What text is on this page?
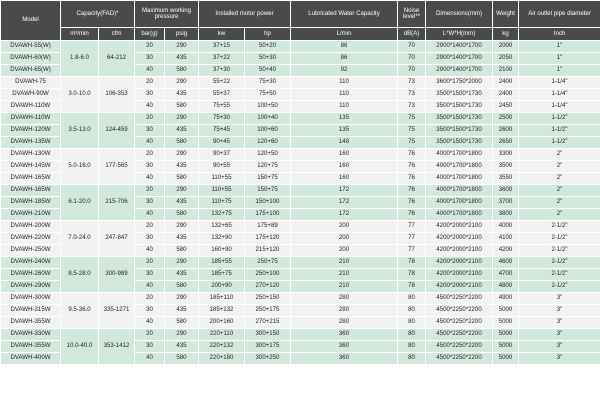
Model	Capacity(FAD)*		Maximum working pressure		Installed motor power		Lubricated Water Capacity	Noise level**	Dimensions(mm)	Weight	Air outlet pipe diameter	
	m³/min	cfm	bar(g)	psig	kw	hp	L/min	dB(A)	L*W*H(mm)	kg	Inch	
DVAWH-55(W)	1.8-6.0	64-212	20	290	37+15	50+20	86	70	2900*1400*1700	2000	1"	
DVAWH-60(W)			30	435	37+22	50+30	86	70	2900*1400*1700	2050	1"	
DVAWH-65(W)			40	580	37+30	50+40	92	70	2900*1400*1700	2100	1"	
DVAWH-75	3.0-10.0	106-353	20	290	55+22	75+30	110	73	3600*1750*2000	2400	1-1/4"	
DVAWH-90W			30	435	55+37	75+50	110	73	3500*1500*1730	2400	1-1/4"	
DVAWH-110W			40	580	75+55	100+50	110	73	3500*1500*1730	2450	1-1/4"	
DVAWH-110W	3.5-13.0	124-459	20	290	75+30	100+40	135	75	3500*1500*1730	2500	1-1/2"	
DVAWH-120W			30	435	75+45	100+60	135	75	3500*1500*1730	2600	1-1/2"	
DVAWH-135W			40	580	90+45	120+60	148	75	3500*1500*1730	2650	1-1/2"	
DVAWH-130W	5.0-16.0	177-565	20	290	90+37	120+50	160	76	4000*1700*1800	3300	2"	
DVAWH-145W			30	435	90+55	120+75	160	76	4000*1700*1800	3500	2"	
DVAWH-165W			40	580	110+55	150+75	160	76	4000*1700*1800	3550	2"	
DVAWH-165W	6.1-20.0	215-706	20	290	110+55	150+75	172	76	4000*1700*1800	3600	2"	
DVAWH-185W			30	435	110+75	150+100	172	76	4000*1700*1800	3700	2"	
DVAWH-210W			40	580	132+75	175+100	172	76	4000*1700*1800	3800	2"	
DVAWH-200W	7.0-24.0	247-847	20	290	132+65	175+89	200	77	4200*2000*2100	4000	2-1/2"	
DVAWH-220W			30	435	132+90	175+120	200	77	4200*2000*2100	4100	2-1/2"	
DVAWH-250W			40	580	160+90	215+120	200	77	4200*2000*2100	4200	2-1/2"	
DVAWH-240W	8.5-28.0	300-989	20	290	185+55	250+75	210	78	4200*2000*2100	4600	2-1/2"	
DVAWH-260W			30	435	185+75	250+100	210	78	4200*2000*2100	4700	2-1/2"	
DVAWH-290W			40	580	200+90	270+120	210	78	4200*2000*2100	4800	2-1/2"	
DVAWH-300W	9.5-36.0	335-1271	20	290	185+110	250+150	280	80	4500*2250*2200	4900	3"	
DVAWH-315W			30	435	185+132	250+175	280	80	4500*2250*2200	5000	3"	
DVAWH-355W			40	580	200+160	270+215	280	80	4500*2250*2200	5000	3"	
DVAWH-330W	10.0-40.0	353-1412	20	290	220+110	300+150	360	80	4500*2250*2200	5000	3"	
DVAWH-355W			30	435	220+132	300+175	360	80	4500*2250*2200	5000	3"	
DVAWH-400W			40	580	220+180	300+250	360	80	4500*2250*2200	5000	3"	
